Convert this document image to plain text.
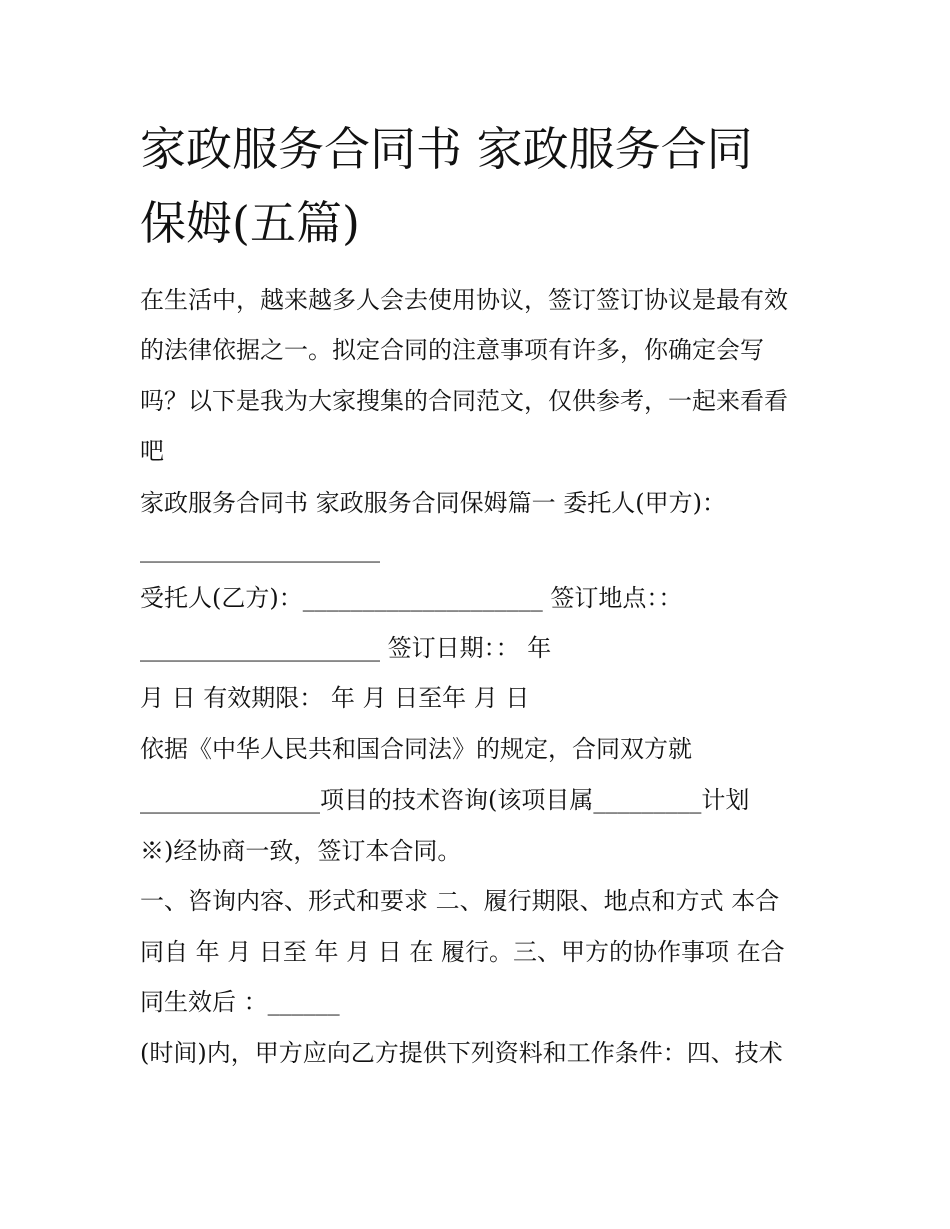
家政服务合同书 家政服务合同
保姆(五篇)
在生活中，越来越多人会去使用协议，签订签订协议是最有效
的法律依据之一。拟定合同的注意事项有许多，你确定会写
吗？以下是我为大家搜集的合同范文，仅供参考，一起来看看
吧
家政服务合同书 家政服务合同保姆篇一 委托人(甲方)：
____________________
受托人(乙方)：____________________ 签订地点：：
____________________ 签订日期：： 年
月 日 有效期限： 年 月 日至年 月 日
依据《中华人民共和国合同法》的规定，合同双方就
_______________项目的技术咨询(该项目属_________计划
※)经协商一致，签订本合同。
一、咨询内容、形式和要求 二、履行期限、地点和方式 本合
同自 年 月 日至 年 月 日 在 履行。三、甲方的协作事项 在合
同生效后 ：______
(时间)内，甲方应向乙方提供下列资料和工作条件：四、技术
